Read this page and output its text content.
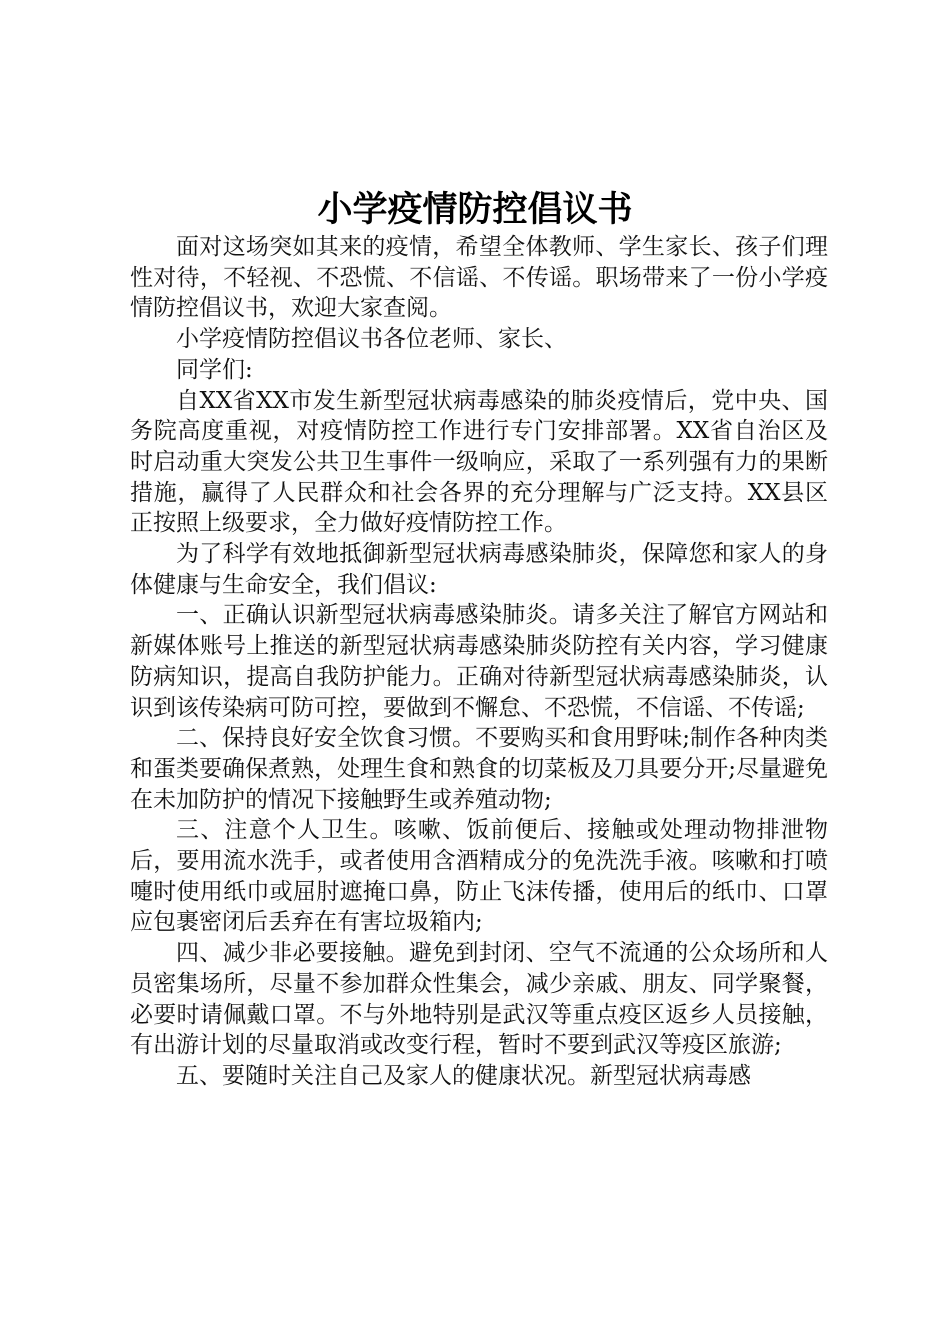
小学疫情防控倡议书

面对这场突如其来的疫情，希望全体教师、学生家长、孩子们理性对待，不轻视、不恐慌、不信谣、不传谣。职场带来了一份小学疫情防控倡议书，欢迎大家查阅。

小学疫情防控倡议书各位老师、家长、

同学们:

自XX省XX市发生新型冠状病毒感染的肺炎疫情后，党中央、国务院高度重视，对疫情防控工作进行专门安排部署。XX省自治区及时启动重大突发公共卫生事件一级响应，采取了一系列强有力的果断措施，赢得了人民群众和社会各界的充分理解与广泛支持。XX县区正按照上级要求，全力做好疫情防控工作。

为了科学有效地抵御新型冠状病毒感染肺炎，保障您和家人的身体健康与生命安全，我们倡议:

一、正确认识新型冠状病毒感染肺炎。请多关注了解官方网站和新媒体账号上推送的新型冠状病毒感染肺炎防控有关内容，学习健康防病知识，提高自我防护能力。正确对待新型冠状病毒感染肺炎，认识到该传染病可防可控，要做到不懈怠、不恐慌，不信谣、不传谣;

二、保持良好安全饮食习惯。不要购买和食用野味;制作各种肉类和蛋类要确保煮熟，处理生食和熟食的切菜板及刀具要分开;尽量避免在未加防护的情况下接触野生或养殖动物;

三、注意个人卫生。咳嗽、饭前便后、接触或处理动物排泄物后，要用流水洗手，或者使用含酒精成分的免洗洗手液。咳嗽和打喷嚏时使用纸巾或屈肘遮掩口鼻，防止飞沫传播，使用后的纸巾、口罩应包裹密闭后丢弃在有害垃圾箱内;

四、减少非必要接触。避免到封闭、空气不流通的公众场所和人员密集场所，尽量不参加群众性集会，减少亲戚、朋友、同学聚餐，必要时请佩戴口罩。不与外地特别是武汉等重点疫区返乡人员接触，有出游计划的尽量取消或改变行程，暂时不要到武汉等疫区旅游;

五、要随时关注自己及家人的健康状况。新型冠状病毒感
